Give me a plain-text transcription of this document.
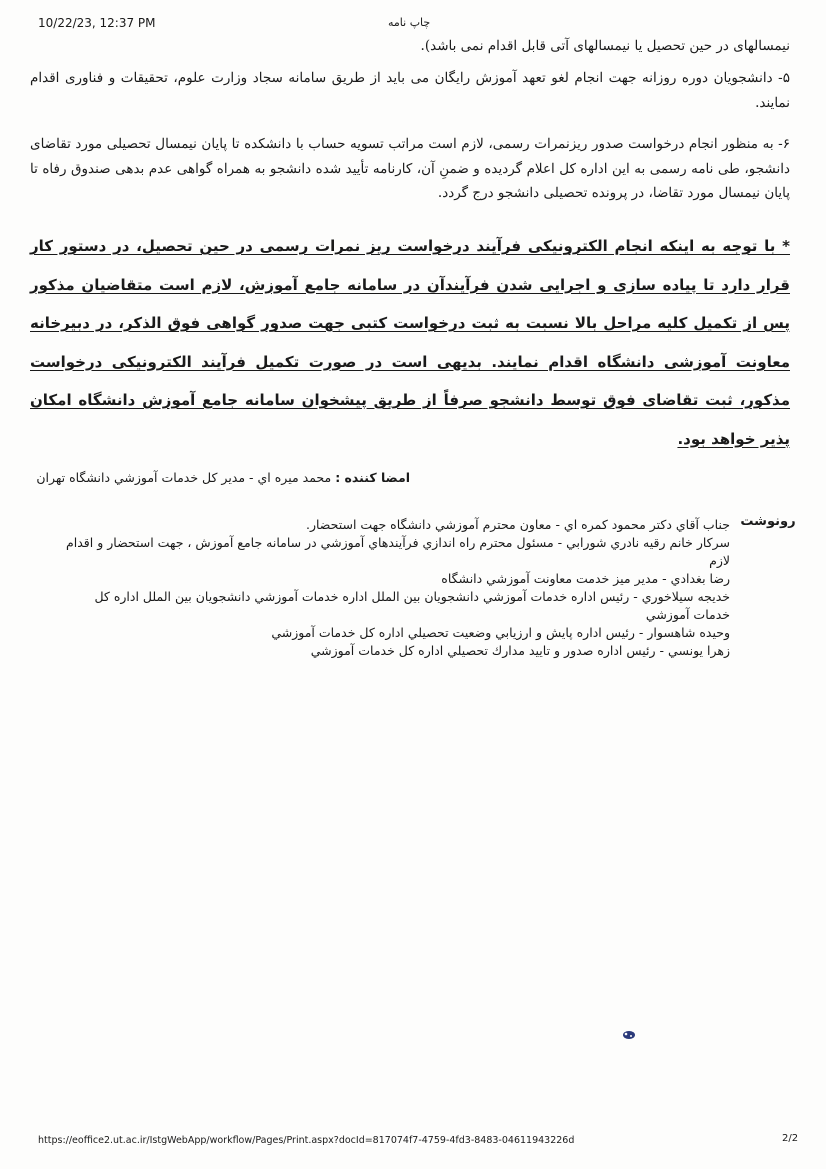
10/22/23, 12:37 PM	چاپ نامه
نیمسالهای در حین تحصیل یا نیمسالهای آتی قابل اقدام نمی باشد).
۵- دانشجویان دوره روزانه جهت انجام لغو تعهد آموزش رایگان می باید از طریق سامانه سجاد وزارت علوم، تحقیقات و فناوری اقدام نمایند.
۶- به منظور انجام درخواست صدور ریزنمرات رسمی، لازم است مراتب تسویه حساب با دانشکده تا پایان نیمسال تحصیلی مورد تقاضای دانشجو، طی نامه رسمی به این اداره کل اعلام گردیده و ضمنِ آن، کارنامه تأیید شده دانشجو به همراه گواهی عدم بدهی صندوق رفاه تا پایان نیمسال مورد تقاضا، در پرونده تحصیلی دانشجو درج گردد.
* با توجه به اینکه انجام الکترونیکی فرآیند درخواست ریز نمرات رسمی در حین تحصیل، در دستور کار قرار دارد تا پیاده سازی و اجرایی شدن فرآیندآن در سامانه جامع آموزش، لازم است متقاضیان مذکور پس از تکمیل کلیه مراحل بالا نسبت به ثبت درخواست کتبی جهت صدور گواهی فوق الذکر، در دبیرخانه معاونت آموزشی دانشگاه اقدام نمایند. بدیهی است در صورت تکمیل فرآیند الکترونیکی درخواست مذکور، ثبت تقاضای فوق توسط دانشجو صرفاً از طریق پیشخوان سامانه جامع آموزش دانشگاه امکان پذیر خواهد بود.
امضا کننده : محمد میره اي - مدیر کل خدمات آموزشي دانشگاه تهران
رونوشت
جناب آقاي دکتر محمود کمره اي - معاون محترم آموزشي دانشگاه جهت استحضار.
سرکار خانم رقیه نادري شورابي - مسئول محترم راه اندازي فرآیندهاي آموزشي در سامانه جامع آموزش ، جهت استحضار و اقدام لازم
رضا بغدادي - مدیر میز خدمت معاونت آموزشي دانشگاه
خدیجه سیلاخوري - رئیس اداره خدمات آموزشي دانشجویان بین الملل اداره خدمات آموزشي دانشجویان بین الملل اداره کل خدمات آموزشي
وحیده شاهسوار - رئیس اداره پایش و ارزیابي وضعیت تحصیلي اداره کل خدمات آموزشي
زهرا یونسي - رئیس اداره صدور و تایید مدارك تحصیلي اداره کل خدمات آموزشي
https://eoffice2.ut.ac.ir/IstgWebApp/workflow/Pages/Print.aspx?docId=817074f7-4759-4fd3-8483-04611943226d	2/2
